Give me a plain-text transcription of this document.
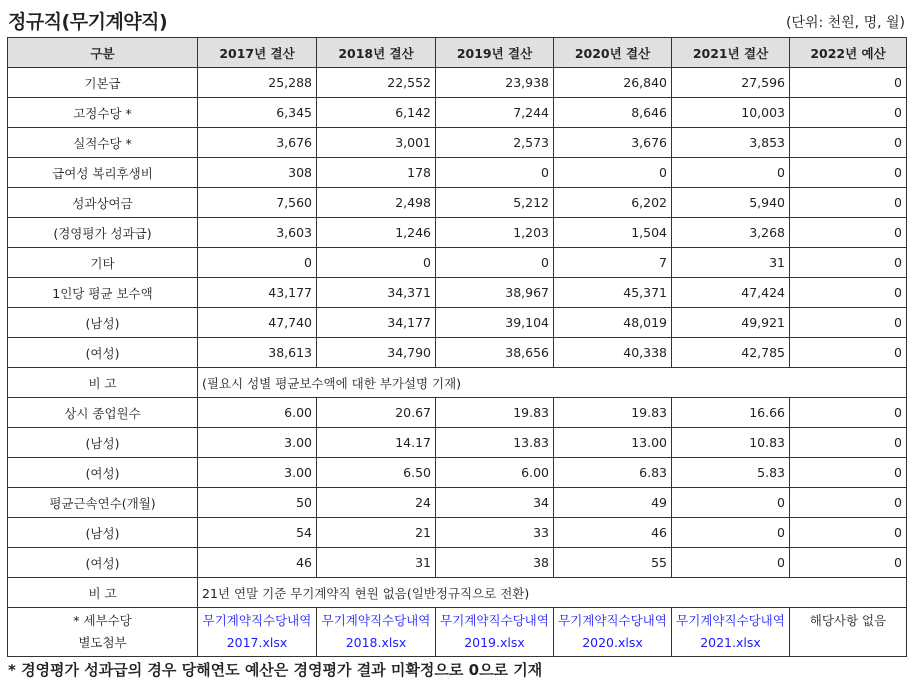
정규직(무기계약직)	(단위: 천원, 명, 월)
구분	2017년 결산	2018년 결산	2019년 결산	2020년 결산	2021년 결산	2022년 예산
기본급	25,288	22,552	23,938	26,840	27,596	0
고정수당 *	6,345	6,142	7,244	8,646	10,003	0
실적수당 *	3,676	3,001	2,573	3,676	3,853	0
급여성 복리후생비	308	178	0	0	0	0
성과상여금	7,560	2,498	5,212	6,202	5,940	0
(경영평가 성과급)	3,603	1,246	1,203	1,504	3,268	0
기타	0	0	0	7	31	0
1인당 평균 보수액	43,177	34,371	38,967	45,371	47,424	0
(남성)	47,740	34,177	39,104	48,019	49,921	0
(여성)	38,613	34,790	38,656	40,338	42,785	0
비 고	(필요시 성별 평균보수액에 대한 부가설명 기재)					
상시 종업원수	6.00	20.67	19.83	19.83	16.66	0
(남성)	3.00	14.17	13.83	13.00	10.83	0
(여성)	3.00	6.50	6.00	6.83	5.83	0
평균근속연수(개월)	50	24	34	49	0	0
(남성)	54	21	33	46	0	0
(여성)	46	31	38	55	0	0
비 고	21년 연말 기준 무기계약직 현원 없음(일반정규직으로 전환)					
* 세부수당
별도첨부	무기계약직수당내역2017.xlsx	무기계약직수당내역2018.xlsx	무기계약직수당내역2019.xlsx	무기계약직수당내역2020.xlsx	무기계약직수당내역2021.xlsx	해당사항 없음
* 경영평가 성과급의 경우 당해연도 예산은 경영평가 결과 미확정으로 0으로 기재
